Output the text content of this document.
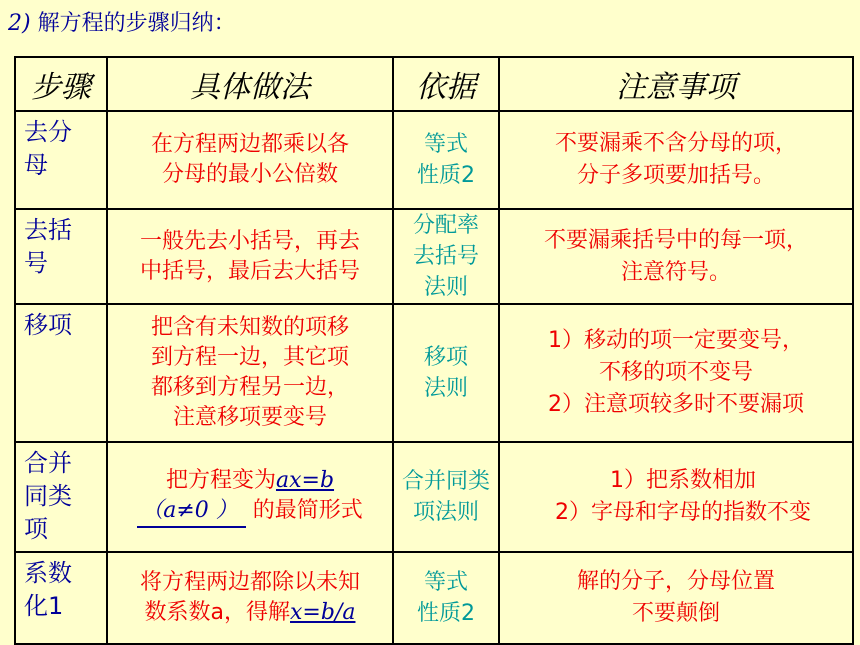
2) 解方程的步骤归纳：
步骤	具体做法	依据	注意事项

去分
母	在方程两边都乘以各
分母的最小公倍数	等式
性质2	不要漏乘不含分母的项，
分子多项要加括号。

去括
号	一般先去小括号，再去
中括号，最后去大括号	分配率
去括号
法则	不要漏乘括号中的每一项，
注意符号。

移项	把含有未知数的项移
到方程一边，其它项
都移到方程另一边，
注意移项要变号	移项
法则	1）移动的项一定要变号，
不移的项不变号
2）注意项较多时不要漏项

合并
同类
项	把方程变为ax=b
（a≠0 ） 的最简形式	合并同类
项法则	1）把系数相加
2）字母和字母的指数不变

系数
化1	将方程两边都除以未知
数系数a，得解x=b/a	等式
性质2	解的分子，分母位置
不要颠倒
